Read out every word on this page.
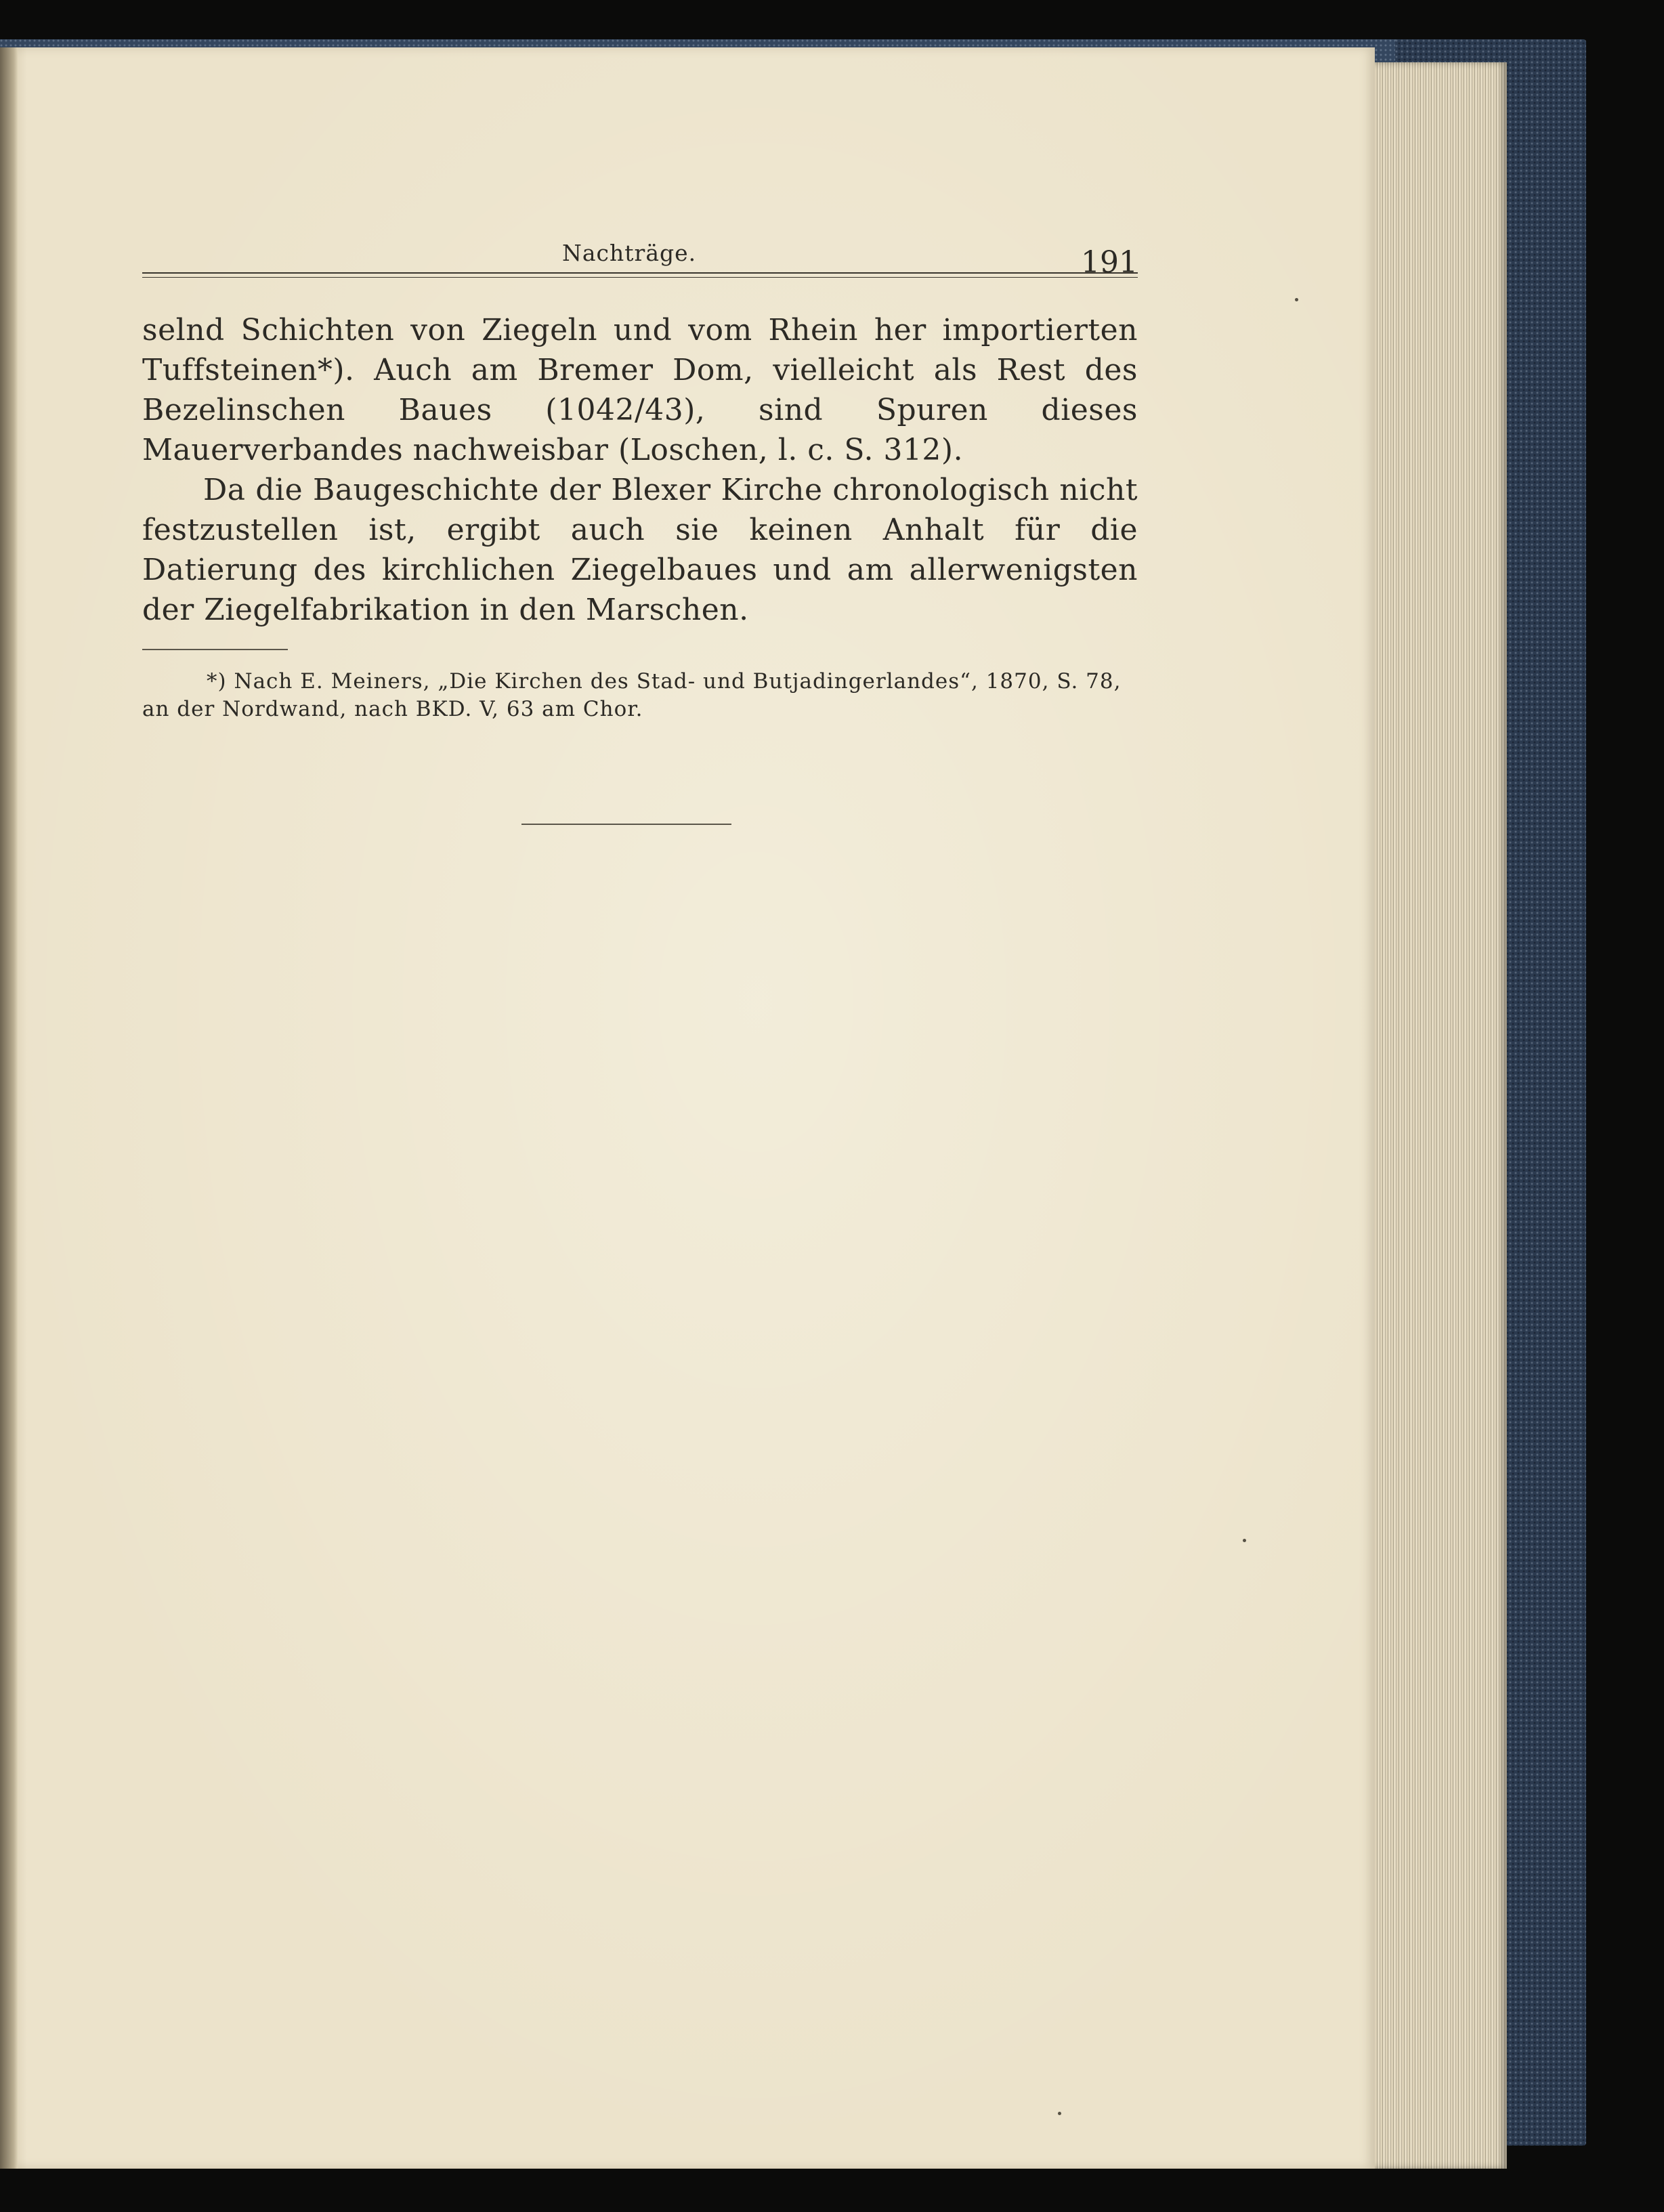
Nachträge.	191

selnd Schichten von Ziegeln und vom Rhein her importierten Tuffsteinen*). Auch am Bremer Dom, vielleicht als Rest des Bezelinschen Baues (1042/43), sind Spuren dieses Mauerverbandes nachweisbar (Loschen, l. c. S. 312).

Da die Baugeschichte der Blexer Kirche chronologisch nicht festzustellen ist, ergibt auch sie keinen Anhalt für die Datierung des kirchlichen Ziegelbaues und am allerwenigsten der Ziegelfabrikation in den Marschen.

*) Nach E. Meiners, „Die Kirchen des Stad- und Butjadingerlandes“, 1870, S. 78, an der Nordwand, nach BKD. V, 63 am Chor.
